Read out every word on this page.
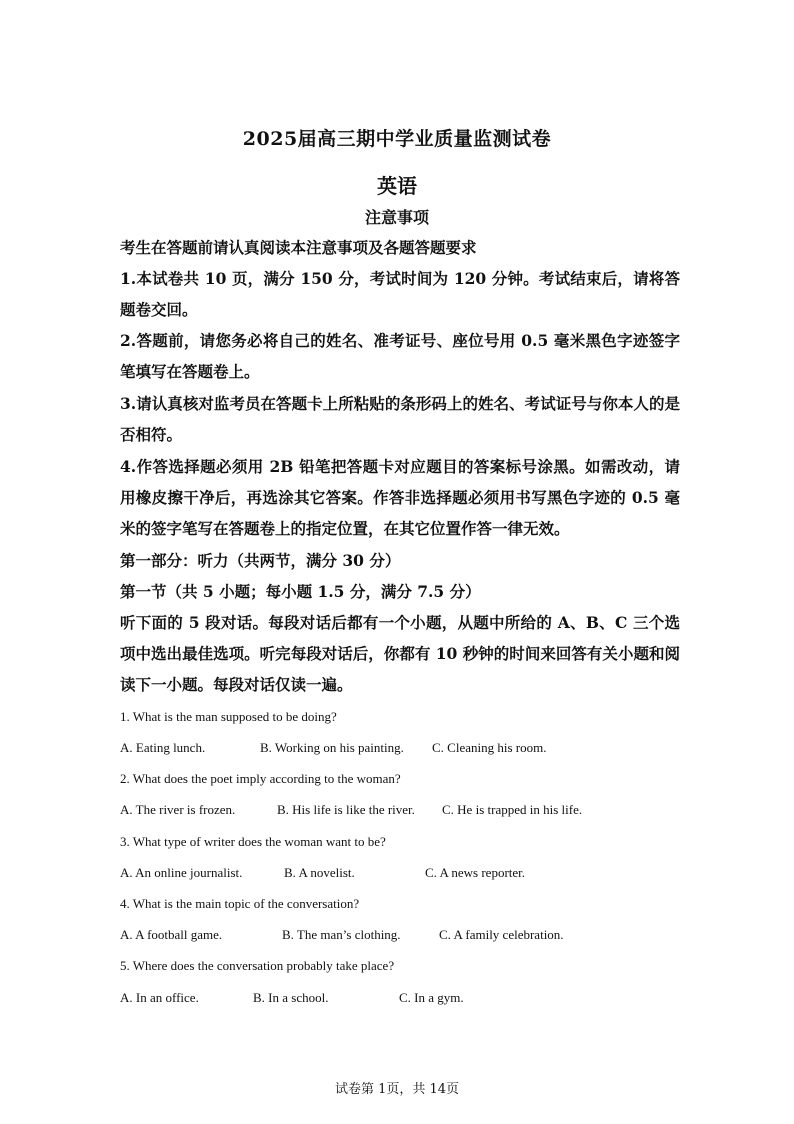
2025届高三期中学业质量监测试卷
英语
注意事项
考生在答题前请认真阅读本注意事项及各题答题要求
1.本试卷共 10 页，满分 150 分，考试时间为 120 分钟。考试结束后，请将答题卷交回。
2.答题前，请您务必将自己的姓名、准考证号、座位号用 0.5 毫米黑色字迹签字笔填写在答题卷上。
3.请认真核对监考员在答题卡上所粘贴的条形码上的姓名、考试证号与你本人的是否相符。
4.作答选择题必须用 2B 铅笔把答题卡对应题目的答案标号涂黑。如需改动，请用橡皮擦干净后，再选涂其它答案。作答非选择题必须用书写黑色字迹的 0.5 毫米的签字笔写在答题卷上的指定位置，在其它位置作答一律无效。
第一部分：听力（共两节，满分 30 分）
第一节（共 5 小题；每小题 1.5 分，满分 7.5 分）
听下面的 5 段对话。每段对话后都有一个小题，从题中所给的 A、B、C 三个选项中选出最佳选项。听完每段对话后，你都有 10 秒钟的时间来回答有关小题和阅读下一小题。每段对话仅读一遍。
1. What is the man supposed to be doing?
A. Eating lunch.	B. Working on his painting. C. Cleaning his room.
2. What does the poet imply according to the woman?
A. The river is frozen.	B. His life is like the river. C. He is trapped in his life.
3. What type of writer does the woman want to be?
A. An online journalist.	B. A novelist.	C. A news reporter.
4. What is the main topic of the conversation?
A. A football game.	B. The man’s clothing.	C. A family celebration.
5. Where does the conversation probably take place?
A. In an office.	B. In a school.	C. In a gym.
试卷第 1页，共 14页
